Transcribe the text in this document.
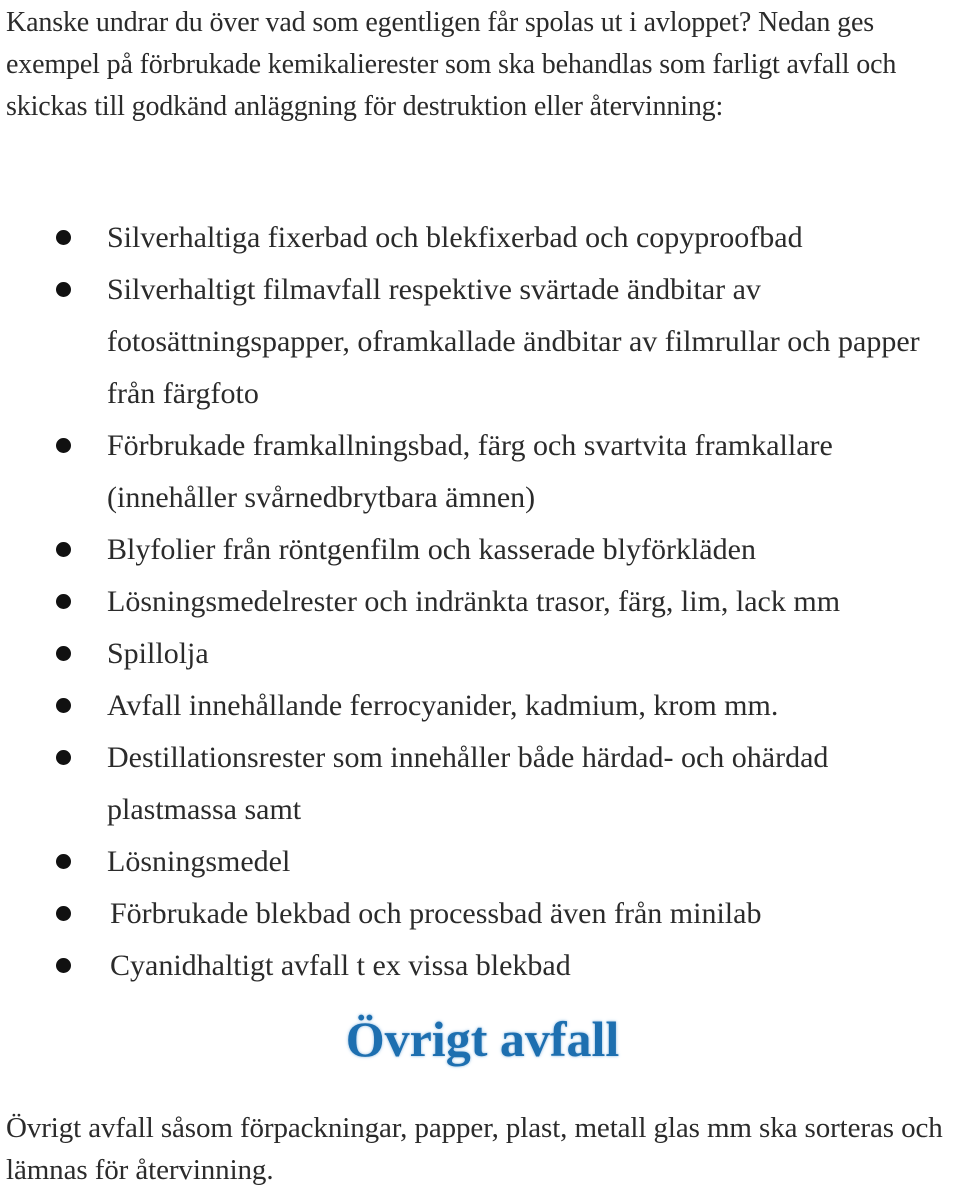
Kanske undrar du över vad som egentligen får spolas ut i avloppet? Nedan ges exempel på förbrukade kemikalierester som ska behandlas som farligt avfall och skickas till godkänd anläggning för destruktion eller återvinning:

Silverhaltiga fixerbad och blekfixerbad och copyproofbad
Silverhaltigt filmavfall respektive svärtade ändbitar av fotosättningspapper, oframkallade ändbitar av filmrullar och papper från färgfoto
Förbrukade framkallningsbad, färg och svartvita framkallare (innehåller svårnedbrytbara ämnen)
Blyfolier från röntgenfilm och kasserade blyförkläden
Lösningsmedelrester och indränkta trasor, färg, lim, lack mm
Spillolja
Avfall innehållande ferrocyanider, kadmium, krom mm.
Destillationsrester som innehåller både härdad- och ohärdad plastmassa samt
Lösningsmedel
Förbrukade blekbad och processbad även från minilab
Cyanidhaltigt avfall t ex vissa blekbad
Övrigt avfall

Övrigt avfall såsom förpackningar, papper, plast, metall glas mm ska sorteras och lämnas för återvinning.
